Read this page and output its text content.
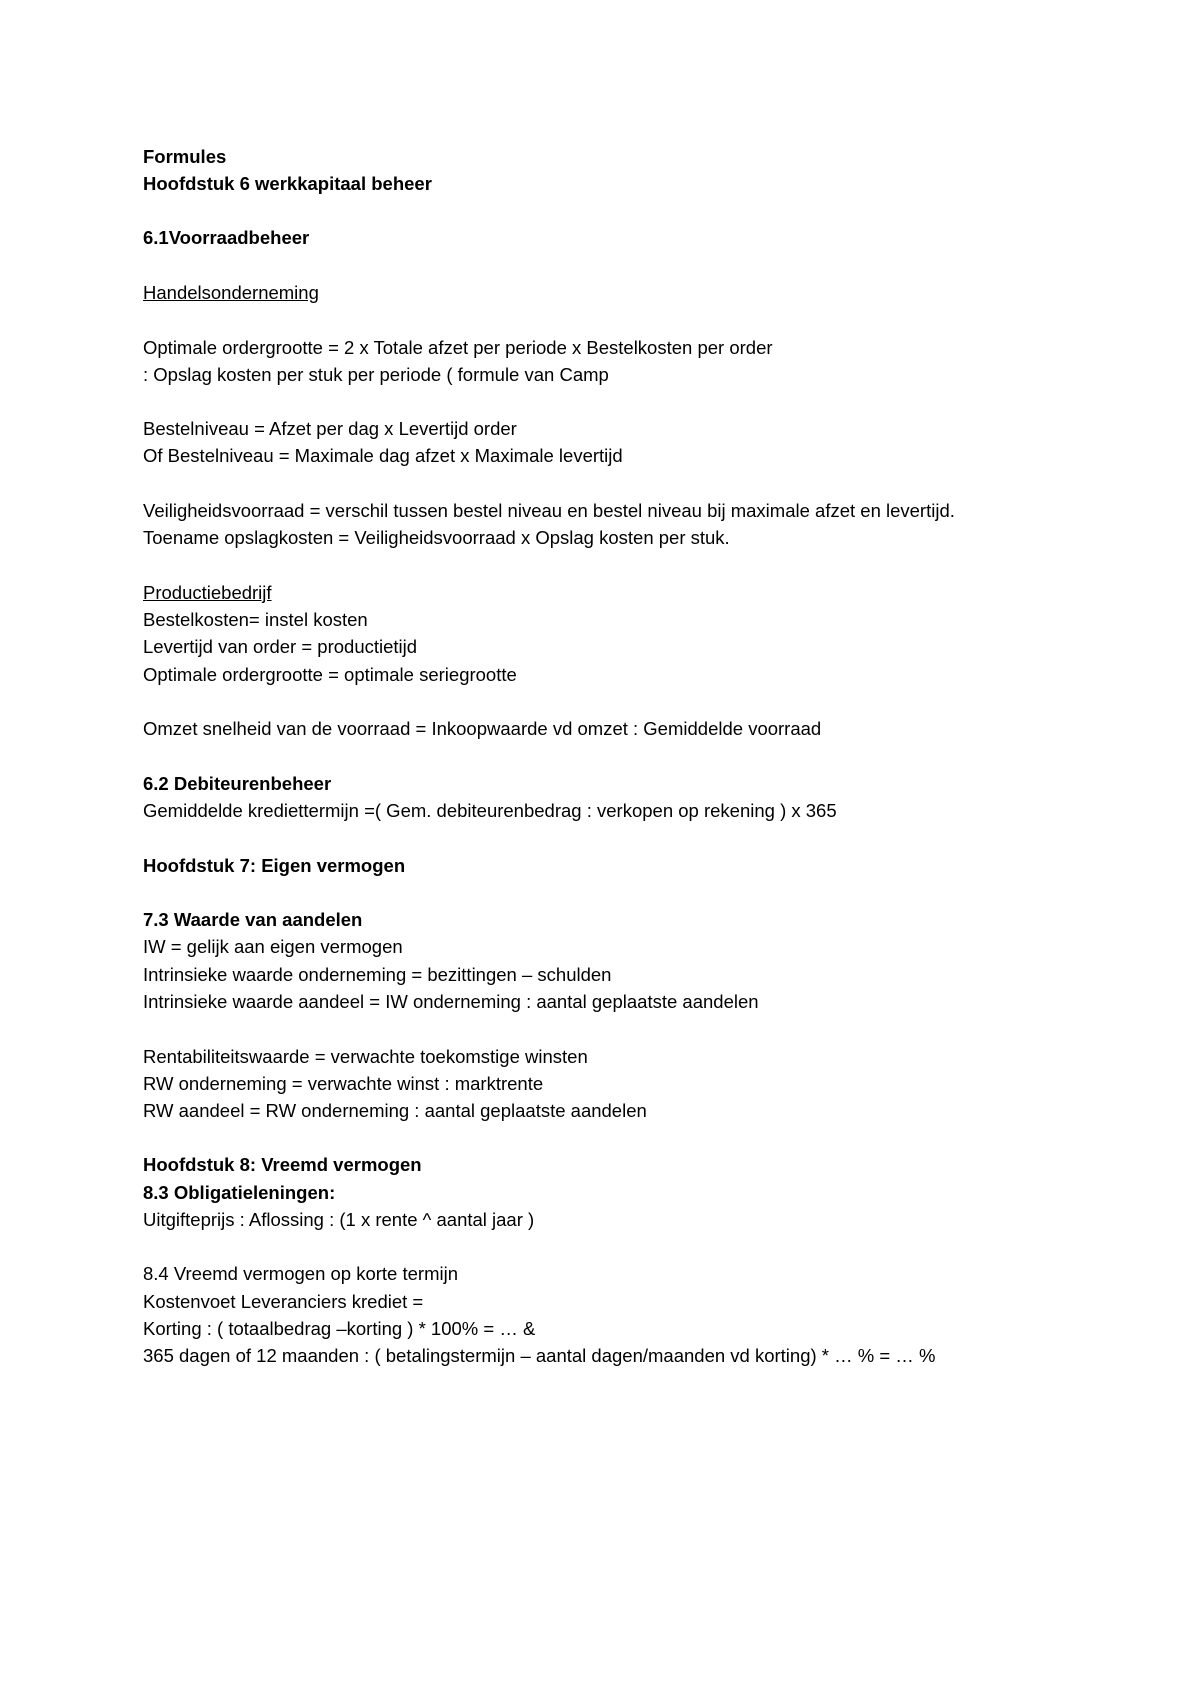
Formules
Hoofdstuk 6 werkkapitaal beheer
6.1Voorraadbeheer
Handelsonderneming
Optimale ordergrootte = 2 x Totale afzet per periode x Bestelkosten per order
: Opslag kosten per stuk per periode ( formule van Camp
Bestelniveau = Afzet per dag x Levertijd order
Of Bestelniveau = Maximale dag afzet x Maximale levertijd
Veiligheidsvoorraad = verschil tussen bestel niveau en bestel niveau bij maximale afzet en levertijd.
Toename opslagkosten = Veiligheidsvoorraad x Opslag kosten per stuk.
Productiebedrijf
Bestelkosten= instel kosten
Levertijd van order = productietijd
Optimale ordergrootte = optimale seriegrootte
Omzet snelheid van de voorraad = Inkoopwaarde vd omzet : Gemiddelde voorraad
6.2 Debiteurenbeheer
Gemiddelde krediettermijn =( Gem. debiteurenbedrag : verkopen op rekening ) x 365
Hoofdstuk 7: Eigen vermogen
7.3 Waarde van aandelen
IW = gelijk aan eigen vermogen
Intrinsieke waarde onderneming = bezittingen – schulden
Intrinsieke waarde aandeel = IW onderneming : aantal geplaatste aandelen
Rentabiliteitswaarde = verwachte toekomstige winsten
RW onderneming = verwachte winst : marktrente
RW aandeel = RW onderneming : aantal geplaatste aandelen
Hoofdstuk 8: Vreemd vermogen
8.3 Obligatieleningen:
Uitgifteprijs : Aflossing : (1 x rente ^ aantal jaar )
8.4 Vreemd vermogen op korte termijn
Kostenvoet Leveranciers krediet =
Korting : ( totaalbedrag –korting ) * 100% = … &
365 dagen of 12 maanden : ( betalingstermijn – aantal dagen/maanden vd korting) * … % = … %
